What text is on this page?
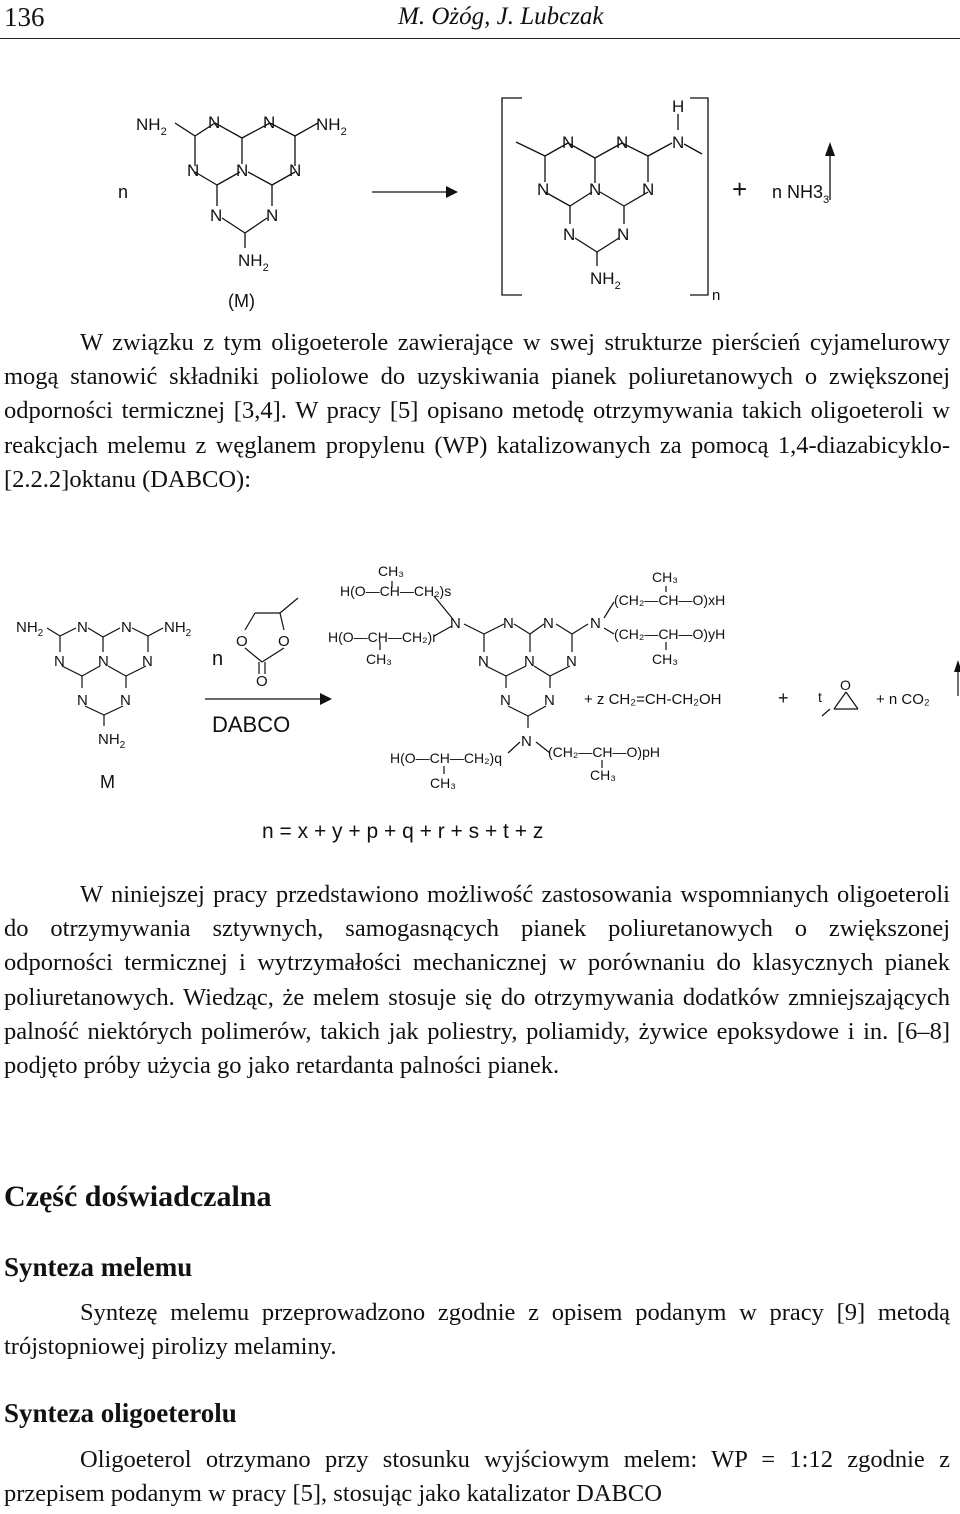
136	M. Ożóg, J. Lubczak
$NH_2$ N	N $NH_2$
N N N
N	N
$NH_2$
n
(M)
H
N N	N
N N N
N N
$NH_2$
n
+ n $NH3_3$

W związku z tym oligoeterole zawierające w swej strukturze pierścień cyjamelurowy mogą stanowić składniki poliolowe do uzyskiwania pianek poliuretanowych o zwiększonej odporności termicznej [3,4]. W pracy [5] opisano metodę otrzymywania takich oligoeteroli w reakcjach melemu z węglanem propylenu (WP) katalizowanych za pomocą 1,4-diazabicyklo-[2.2.2]oktanu (DABCO):

$NH_2$ N N $NH_2$
N N N
N N
$NH_2$
M
O O
O
n
DABCO
CH₃
H(O—CH—CH₂)s
H(O—CH—CH₂)r
CH₃
N	N N N
N N N
N N
N
CH₃
(CH₂—CH—O)xH
(CH₂—CH—O)yH
CH₃
H(O—CH—CH₂)q
CH₃
(CH₂—CH—O)pH
CH₃
+ z CH₂=CH-CH₂OH	+ t
O
+ n CO₂
n = x + y + p + q + r + s + t + z

W niniejszej pracy przedstawiono możliwość zastosowania wspomnianych oligoeteroli do otrzymywania sztywnych, samogasnących pianek poliuretanowych o zwiększonej odporności termicznej i wytrzymałości mechanicznej w porównaniu do klasycznych pianek poliuretanowych. Wiedząc, że melem stosuje się do otrzymywania dodatków zmniejszających palność niektórych polimerów, takich jak poliestry, poliamidy, żywice epoksydowe i in. [6–8] podjęto próby użycia go jako retardanta palności pianek.

Część doświadczalna
Synteza melemu

Syntezę melemu przeprowadzono zgodnie z opisem podanym w pracy [9] metodą trójstopniowej pirolizy melaminy.

Synteza oligoeterolu

Oligoeterol otrzymano przy stosunku wyjściowym melem: WP = 1:12 zgodnie z przepisem podanym w pracy [5], stosując jako katalizator DABCO
